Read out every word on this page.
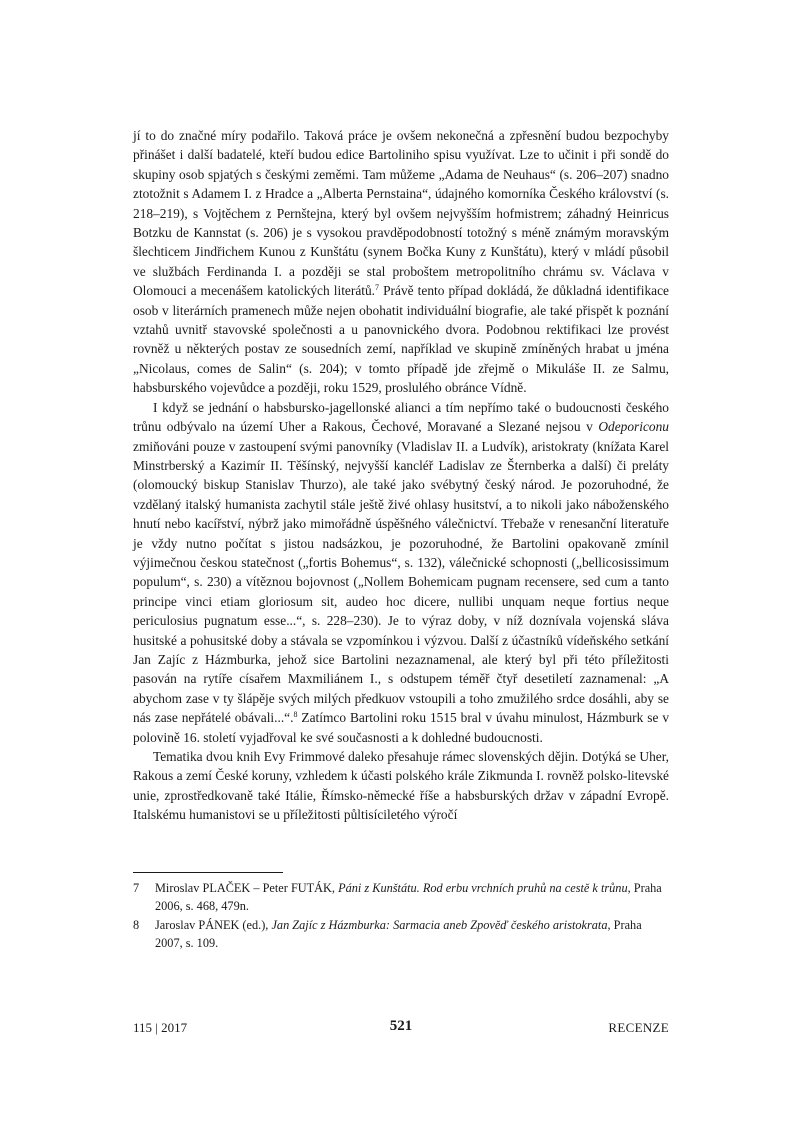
jí to do značné míry podařilo. Taková práce je ovšem nekonečná a zpřesnění budou bezpochyby přinášet i další badatelé, kteří budou edice Bartoliniho spisu využívat. Lze to učinit i při sondě do skupiny osob spjatých s českými zeměmi. Tam můžeme „Adama de Neuhaus“ (s. 206–207) snadno ztotožnit s Adamem I. z Hradce a „Alberta Pernstaina“, údajného komorníka Českého království (s. 218–219), s Vojtěchem z Pernštejna, který byl ovšem nejvyšším hofmistrem; záhadný Heinricus Botzku de Kannstat (s. 206) je s vysokou pravděpodobností totožný s méně známým moravským šlechticem Jindřichem Kunou z Kunštátu (synem Bočka Kuny z Kunštátu), který v mládí působil ve službách Ferdinanda I. a později se stal proboštem metropolitního chrámu sv. Václava v Olomouci a mecenášem katolických literátů.$^7$ Právě tento případ dokládá, že důkladná identifikace osob v literárních pramenech může nejen obohatit individuální biografie, ale také přispět k poznání vztahů uvnitř stavovské společnosti a u panovnického dvora. Podobnou rektifikaci lze provést rovněž u některých postav ze sousedních zemí, například ve skupině zmíněných hrabat u jména „Nicolaus, comes de Salin“ (s. 204); v tomto případě jde zřejmě o Mikuláše II. ze Salmu, habsburského vojevůdce a později, roku 1529, proslulého obránce Vídně.

I když se jednání o habsbursko-jagellonské alianci a tím nepřímo také o budoucnosti českého trůnu odbývalo na území Uher a Rakous, Čechové, Moravané a Slezané nejsou v Odeporiconu zmiňováni pouze v zastoupení svými panovníky (Vladislav II. a Ludvík), aristokraty (knížata Karel Minstrberský a Kazimír II. Těšínský, nejvyšší kancléř Ladislav ze Šternberka a další) či preláty (olomoucký biskup Stanislav Thurzo), ale také jako svébytný český národ. Je pozoruhodné, že vzdělaný italský humanista zachytil stále ještě živé ohlasy husitství, a to nikoli jako náboženského hnutí nebo kacířství, nýbrž jako mimořádně úspěšného válečnictví. Třebaže v renesanční literatuře je vždy nutno počítat s jistou nadsázkou, je pozoruhodné, že Bartolini opakovaně zmínil výjimečnou českou statečnost („fortis Bohemus“, s. 132), válečnické schopnosti („bellicosissimum populum“, s. 230) a vítěznou bojovnost („Nollem Bohemicam pugnam recensere, sed cum a tanto principe vinci etiam gloriosum sit, audeo hoc dicere, nullibi unquam neque fortius neque periculosius pugnatum esse...“, s. 228–230). Je to výraz doby, v níž doznívala vojenská sláva husitské a pohusitské doby a stávala se vzpomínkou i výzvou. Další z účastníků vídeňského setkání Jan Zajíc z Házmburka, jehož sice Bartolini nezaznamenal, ale který byl při této příležitosti pasován na rytíře císařem Maxmiliánem I., s odstupem téměř čtyř desetiletí zaznamenal: „A abychom zase v ty šlápěje svých milých předkuov vstoupili a toho zmužilého srdce dosáhli, aby se nás zase nepřátelé obávali...“.$^8$ Zatímco Bartolini roku 1515 bral v úvahu minulost, Házmburk se v polovině 16. století vyjadřoval ke své současnosti a k dohledné budoucnosti.

Tematika dvou knih Evy Frimmové daleko přesahuje rámec slovenských dějin. Dotýká se Uher, Rakous a zemí České koruny, vzhledem k účasti polského krále Zikmunda I. rovněž polsko-litevské unie, zprostředkovaně také Itálie, Římsko-německé říše a habsburských držav v západní Evropě. Italskému humanistovi se u příležitosti půltisíciletého výročí

7	Miroslav PLAČEK – Peter FUTÁK, Páni z Kunštátu. Rod erbu vrchních pruhů na cestě k trůnu, Praha 2006, s. 468, 479n.
8	Jaroslav PÁNEK (ed.), Jan Zajíc z Házmburka: Sarmacia aneb Zpověď českého aristokrata, Praha 2007, s. 109.
115 | 2017	521	RECENZE
